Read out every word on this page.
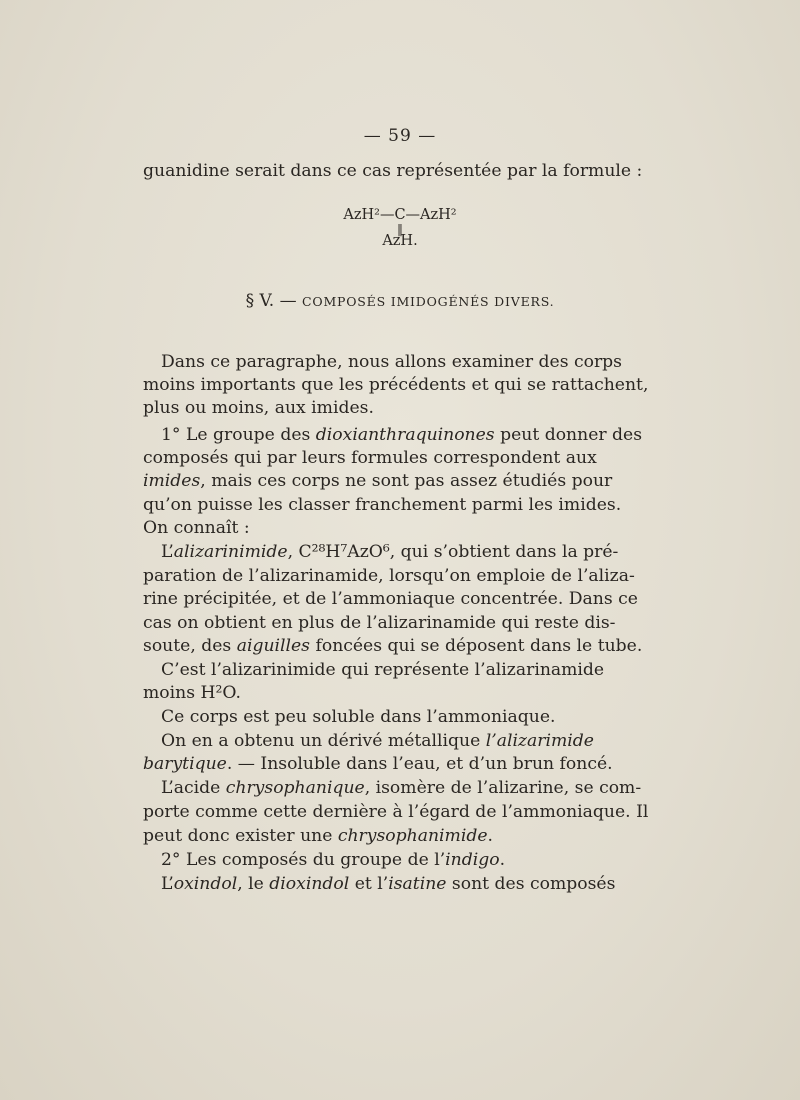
— 59 —
guanidine serait dans ce cas représentée par la formule :
AzH²—C—AzH²
‖
AzH.
§ V. — COMPOSÉS IMIDOGÉNÉS DIVERS.
Dans ce paragraphe, nous allons examiner des corps
moins importants que les précédents et qui se rattachent,
plus ou moins, aux imides.
1° Le groupe des dioxianthraquinones peut donner des
composés qui par leurs formules correspondent aux
imides, mais ces corps ne sont pas assez étudiés pour
qu’on puisse les classer franchement parmi les imides.
On connaît :
L’alizarinimide, C²⁸H⁷AzO⁶, qui s’obtient dans la pré-
paration de l’alizarinamide, lorsqu’on emploie de l’aliza-
rine précipitée, et de l’ammoniaque concentrée. Dans ce
cas on obtient en plus de l’alizarinamide qui reste dis-
soute, des aiguilles foncées qui se déposent dans le tube.
C’est l’alizarinimide qui représente l’alizarinamide
moins H²O.
Ce corps est peu soluble dans l’ammoniaque.
On en a obtenu un dérivé métallique l’alizarimide
barytique. — Insoluble dans l’eau, et d’un brun foncé.
L’acide chrysophanique, isomère de l’alizarine, se com-
porte comme cette dernière à l’égard de l’ammoniaque. Il
peut donc exister une chrysophanimide.
2° Les composés du groupe de l’indigo.
L’oxindol, le dioxindol et l’isatine sont des composés
